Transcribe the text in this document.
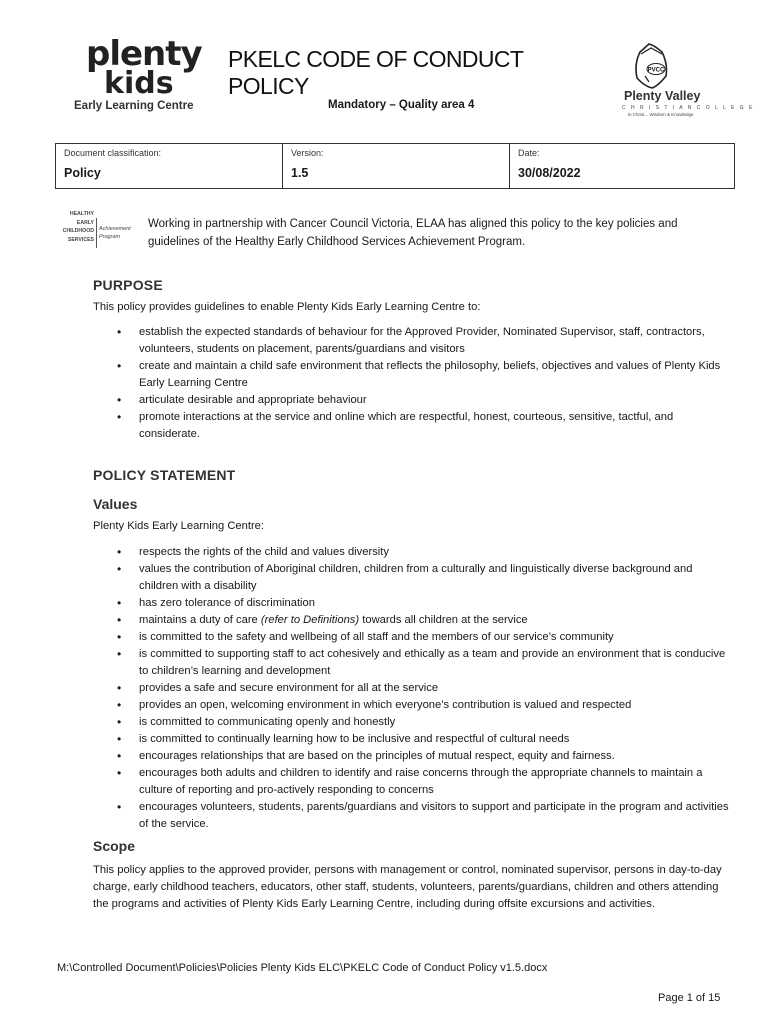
plenty
kids
Early Learning Centre
PKELC CODE OF CONDUCT POLICY
Mandatory – Quality area 4
PVCC
Plenty Valley
C H R I S T I A N C O L L E G E
in Christ... Wisdom & Knowledge
Document classification:
Policy
Version:
1.5
Date:
30/08/2022
HEALTHY
EARLY
CHILDHOOD
SERVICES
Achievement
Program
Working in partnership with Cancer Council Victoria, ELAA has aligned this policy to the key policies and guidelines of the Healthy Early Childhood Services Achievement Program.
PURPOSE
This policy provides guidelines to enable Plenty Kids Early Learning Centre to:
• establish the expected standards of behaviour for the Approved Provider, Nominated Supervisor, staff, contractors, volunteers, students on placement, parents/guardians and visitors
• create and maintain a child safe environment that reflects the philosophy, beliefs, objectives and values of Plenty Kids Early Learning Centre
• articulate desirable and appropriate behaviour
• promote interactions at the service and online which are respectful, honest, courteous, sensitive, tactful, and considerate.
POLICY STATEMENT
Values
Plenty Kids Early Learning Centre:
• respects the rights of the child and values diversity
• values the contribution of Aboriginal children, children from a culturally and linguistically diverse background and children with a disability
• has zero tolerance of discrimination
• maintains a duty of care (refer to Definitions) towards all children at the service
• is committed to the safety and wellbeing of all staff and the members of our service’s community
• is committed to supporting staff to act cohesively and ethically as a team and provide an environment that is conducive to children’s learning and development
• provides a safe and secure environment for all at the service
• provides an open, welcoming environment in which everyone’s contribution is valued and respected
• is committed to communicating openly and honestly
• is committed to continually learning how to be inclusive and respectful of cultural needs
• encourages relationships that are based on the principles of mutual respect, equity and fairness.
• encourages both adults and children to identify and raise concerns through the appropriate channels to maintain a culture of reporting and pro-actively responding to concerns
• encourages volunteers, students, parents/guardians and visitors to support and participate in the program and activities of the service.
Scope
This policy applies to the approved provider, persons with management or control, nominated supervisor, persons in day-to-day charge, early childhood teachers, educators, other staff, students, volunteers, parents/guardians, children and others attending the programs and activities of Plenty Kids Early Learning Centre, including during offsite excursions and activities.
M:\Controlled Document\Policies\Policies Plenty Kids ELC\PKELC Code of Conduct Policy v1.5.docx
Page 1 of 15
